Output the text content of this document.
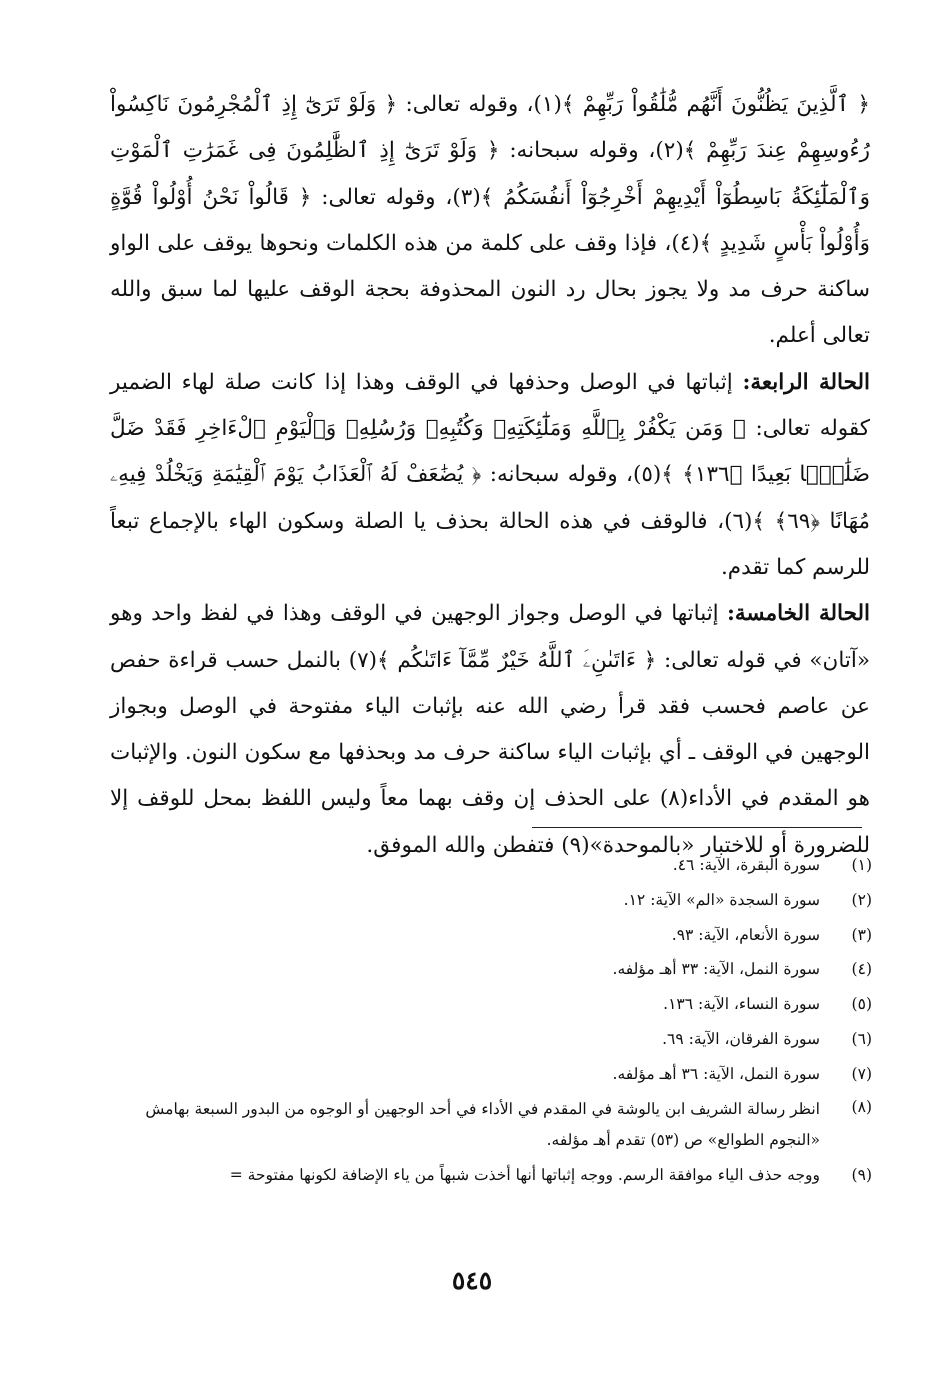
﴿ ٱلَّذِينَ يَظُنُّونَ أَنَّهُم مُّلَٰقُواْ رَبِّهِمْ ﴾(١)، وقوله تعالى: ﴿ وَلَوْ تَرَىٰٓ إِذِ ٱلْمُجْرِمُونَ نَاكِسُواْ رُءُوسِهِمْ عِندَ رَبِّهِمْ ﴾(٢)، وقوله سبحانه: ﴿ وَلَوْ تَرَىٰٓ إِذِ ٱلظَّٰلِمُونَ فِى غَمَرَٰتِ ٱلْمَوْتِ وَٱلْمَلَٰٓئِكَةُ بَاسِطُوٓاْ أَيْدِيهِمْ أَخْرِجُوٓاْ أَنفُسَكُمُ ﴾(٣)، وقوله تعالى: ﴿ قَالُواْ نَحْنُ أُوْلُواْ قُوَّةٍ وَأُوْلُواْ بَأْسٍ شَدِيدٍ ﴾(٤)، فإذا وقف على كلمة من هذه الكلمات ونحوها يوقف على الواو ساكنة حرف مد ولا يجوز بحال رد النون المحذوفة بحجة الوقف عليها لما سبق والله تعالى أعلم.

الحالة الرابعة: إثباتها في الوصل وحذفها في الوقف وهذا إذا كانت صلة لهاء الضمير كقوله تعالى: ﴿ وَمَن يَكْفُرْ بِٱللَّهِ وَمَلَٰٓئِكَتِهِۦ وَكُتُبِهِۦ وَرُسُلِهِۦ وَٱلْيَوْمِ ٱلْءَاخِرِ فَقَدْ ضَلَّ ضَلَٰلًۢا بَعِيدًا ﴿١٣٦﴾ ﴾(٥)، وقوله سبحانه: ﴿ يُضَٰعَفْ لَهُ ٱلْعَذَابُ يَوْمَ ٱلْقِيَٰمَةِ وَيَخْلُدْ فِيهِۦ مُهَانًا ﴿٦٩﴾ ﴾(٦)، فالوقف في هذه الحالة بحذف يا الصلة وسكون الهاء بالإجماع تبعاً للرسم كما تقدم.

الحالة الخامسة: إثباتها في الوصل وجواز الوجهين في الوقف وهذا في لفظ واحد وهو «آتان» في قوله تعالى: ﴿ ءَاتَىٰنِۦَ ٱللَّهُ خَيْرٌ مِّمَّآ ءَاتَىٰكُم ﴾(٧) بالنمل حسب قراءة حفص عن عاصم فحسب فقد قرأ رضي الله عنه بإثبات الياء مفتوحة في الوصل وبجواز الوجهين في الوقف ـ أي بإثبات الياء ساكنة حرف مد وبحذفها مع سكون النون. والإثبات هو المقدم في الأداء(٨) على الحذف إن وقف بهما معاً وليس اللفظ بمحل للوقف إلا للضرورة أو للاختبار «بالموحدة»(٩) فتفطن والله الموفق.

(١)
سورة البقرة، الآية: ٤٦.
(٢)
سورة السجدة «الم» الآية: ١٢.
(٣)
سورة الأنعام، الآية: ٩٣.
(٤)
سورة النمل، الآية: ٣٣ أهـ مؤلفه.
(٥)
سورة النساء، الآية: ١٣٦.
(٦)
سورة الفرقان، الآية: ٦٩.
(٧)
سورة النمل، الآية: ٣٦ أهـ مؤلفه.
(٨)
انظر رسالة الشريف ابن يالوشة في المقدم في الأداء في أحد الوجهين أو الوجوه من البدور السبعة بهامش «النجوم الطوالع» ص (٥٣) تقدم أهـ مؤلفه.
(٩)
ووجه حذف الياء موافقة الرسم. ووجه إثباتها أنها أخذت شبهاً من ياء الإضافة لكونها مفتوحة =
٥٤٥
